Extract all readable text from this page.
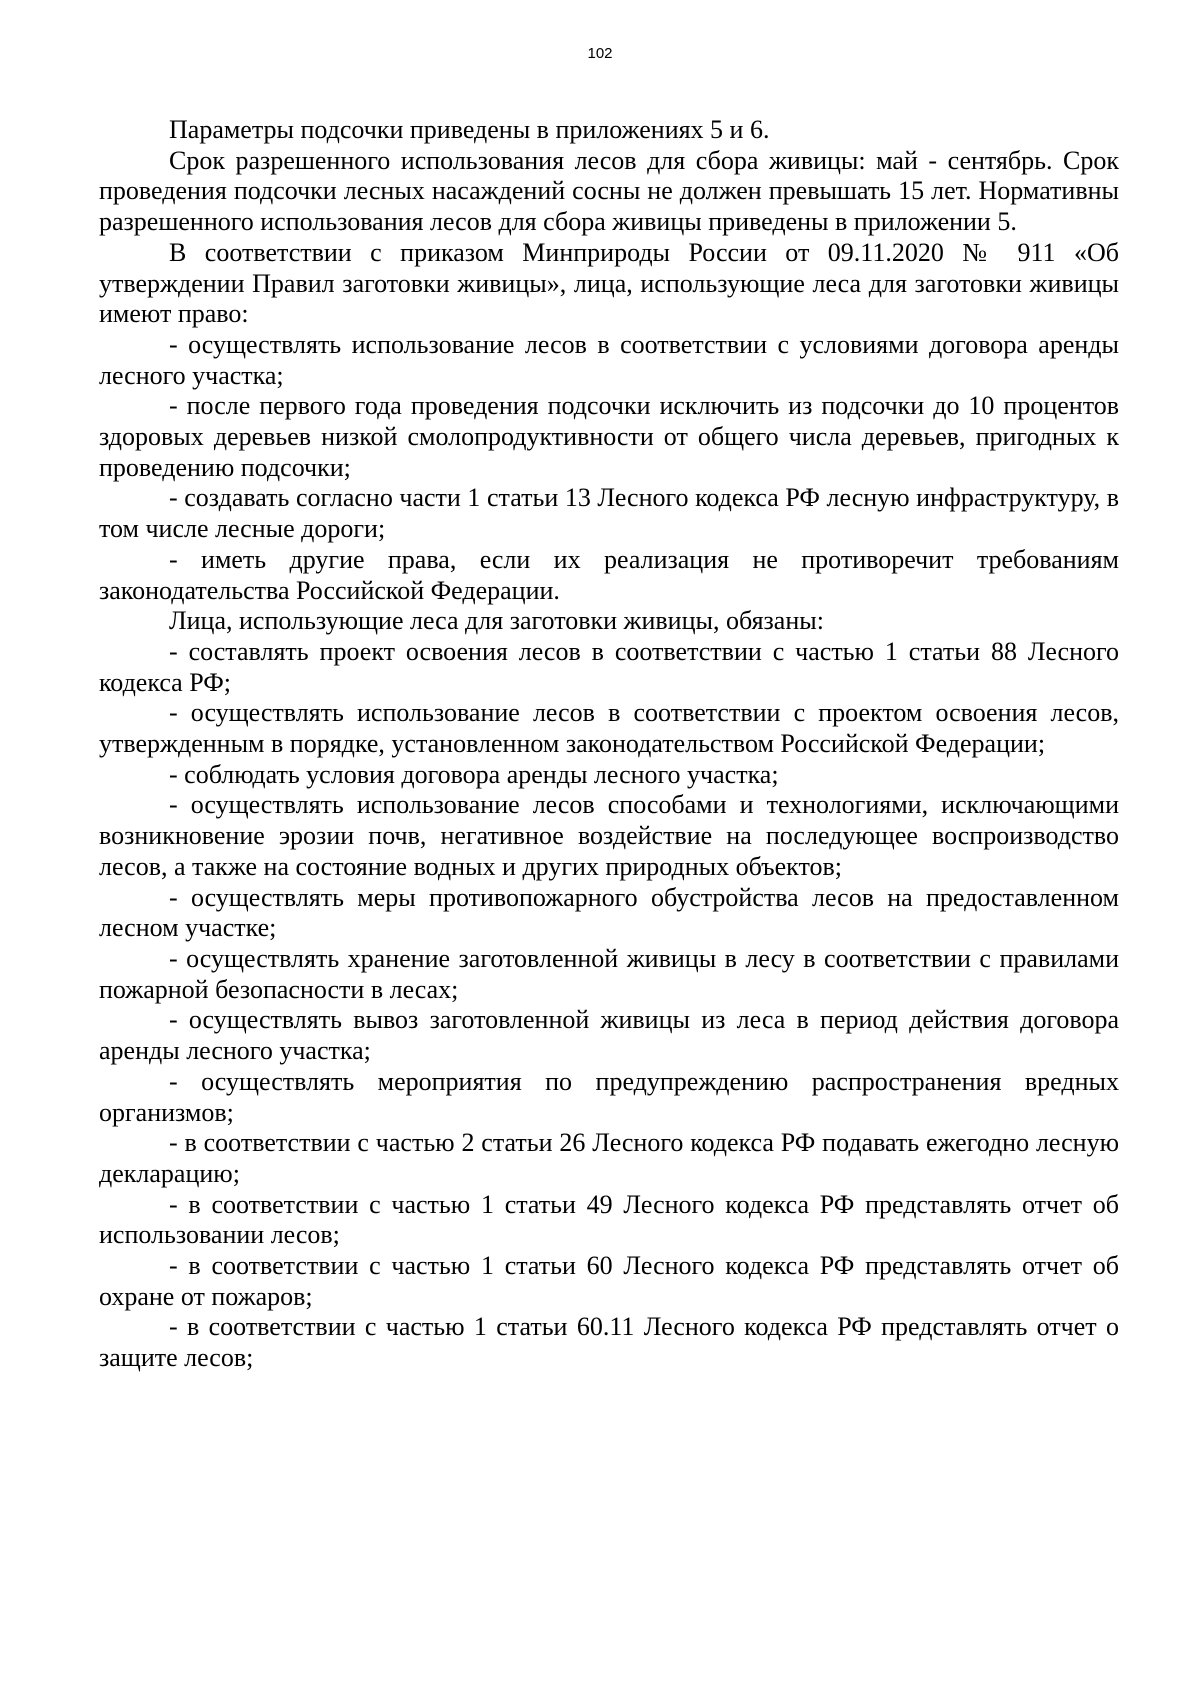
102

Параметры подсочки приведены в приложениях 5 и 6.

Срок разрешенного использования лесов для сбора живицы: май - сентябрь. Срок проведения подсочки лесных насаждений сосны не должен превышать 15 лет. Нормативны разрешенного использования лесов для сбора живицы приведены в приложении 5.

В соответствии с приказом Минприроды России от 09.11.2020 № 911 «Об утверждении Правил заготовки живицы», лица, использующие леса для заготовки живицы имеют право:

- осуществлять использование лесов в соответствии с условиями договора аренды лесного участка;

- после первого года проведения подсочки исключить из подсочки до 10 процентов здоровых деревьев низкой смолопродуктивности от общего числа деревьев, пригодных к проведению подсочки;

- создавать согласно части 1 статьи 13 Лесного кодекса РФ лесную инфраструктуру, в том числе лесные дороги;

- иметь другие права, если их реализация не противоречит требованиям законодательства Российской Федерации.

Лица, использующие леса для заготовки живицы, обязаны:

- составлять проект освоения лесов в соответствии с частью 1 статьи 88 Лесного кодекса РФ;

- осуществлять использование лесов в соответствии с проектом освоения лесов, утвержденным в порядке, установленном законодательством Российской Федерации;

- соблюдать условия договора аренды лесного участка;

- осуществлять использование лесов способами и технологиями, исключающими возникновение эрозии почв, негативное воздействие на последующее воспроизводство лесов, а также на состояние водных и других природных объектов;

- осуществлять меры противопожарного обустройства лесов на предоставленном лесном участке;

- осуществлять хранение заготовленной живицы в лесу в соответствии с правилами пожарной безопасности в лесах;

- осуществлять вывоз заготовленной живицы из леса в период действия договора аренды лесного участка;

- осуществлять мероприятия по предупреждению распространения вредных организмов;

- в соответствии с частью 2 статьи 26 Лесного кодекса РФ подавать ежегодно лесную декларацию;

- в соответствии с частью 1 статьи 49 Лесного кодекса РФ представлять отчет об использовании лесов;

- в соответствии с частью 1 статьи 60 Лесного кодекса РФ представлять отчет об охране от пожаров;

- в соответствии с частью 1 статьи 60.11 Лесного кодекса РФ представлять отчет о защите лесов;
